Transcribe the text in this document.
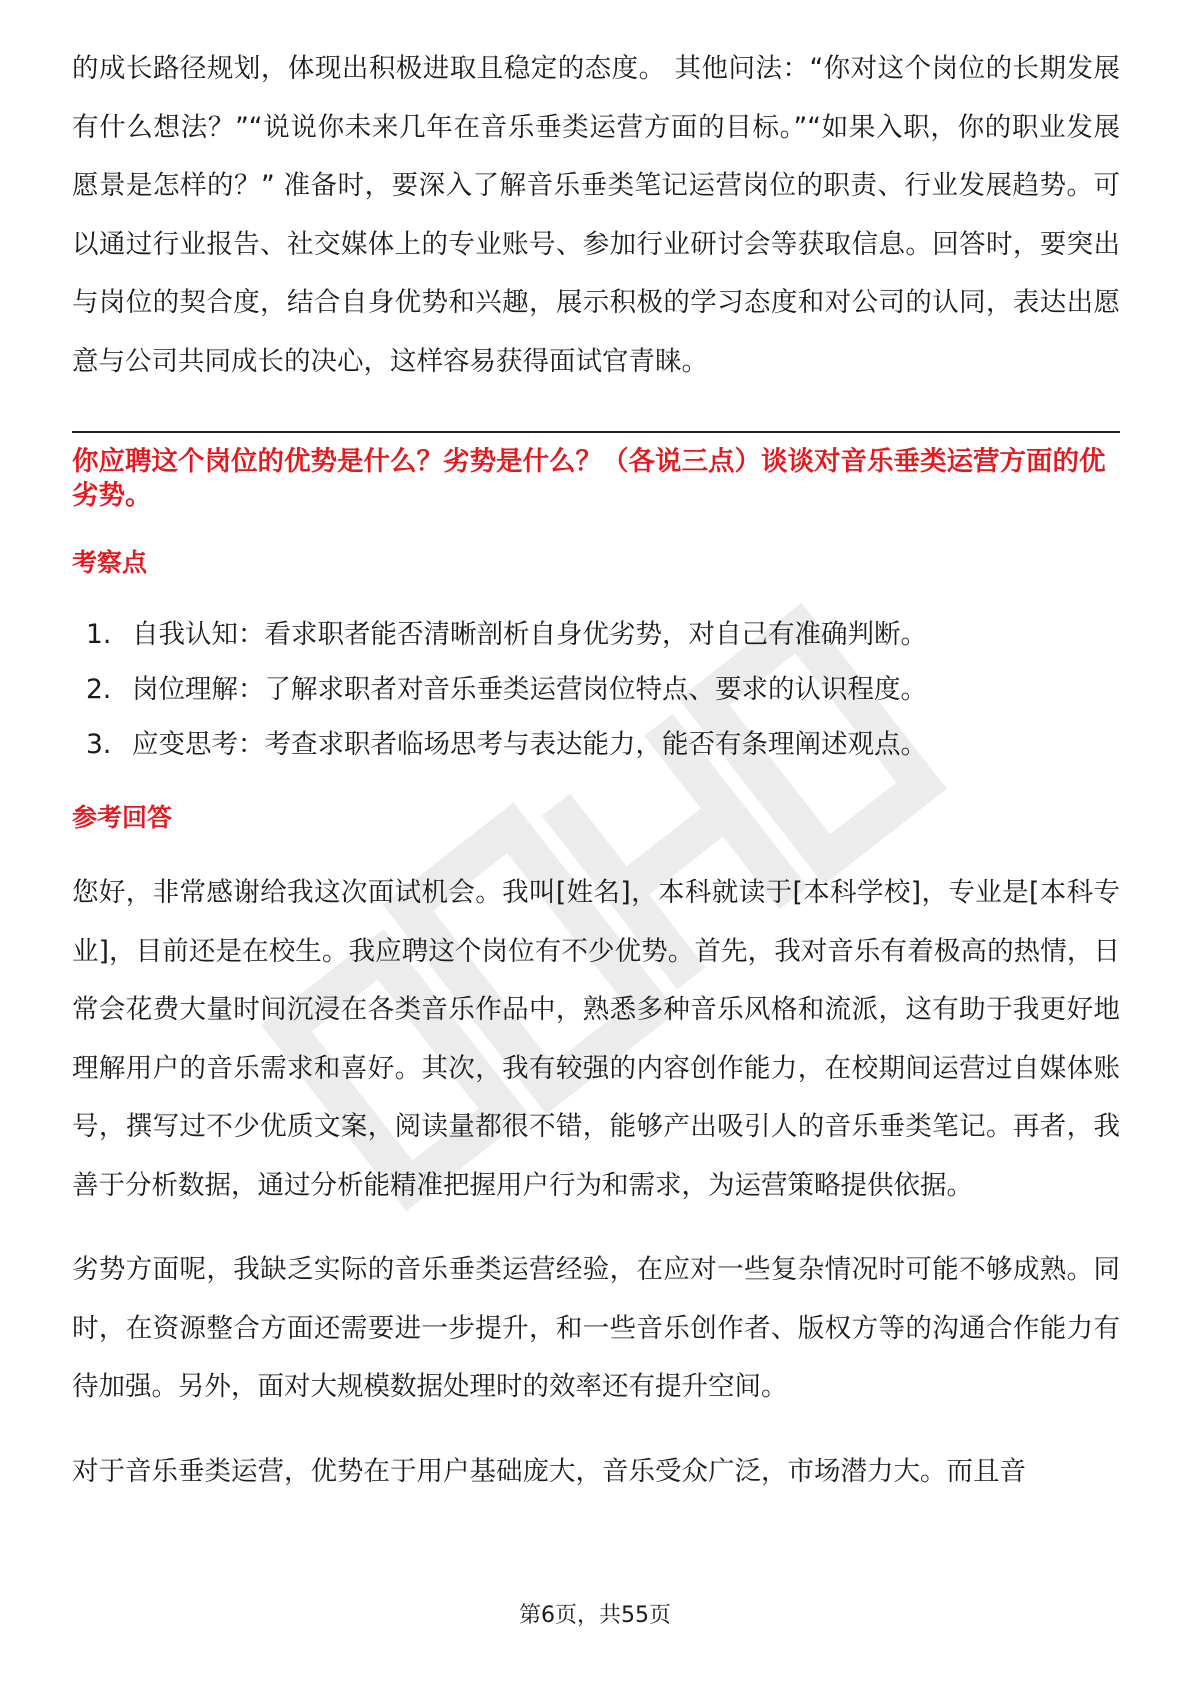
的成长路径规划，体现出积极进取且稳定的态度。 其他问法：“你对这个岗位的长期发展有什么想法？”“说说你未来几年在音乐垂类运营方面的目标。”“如果入职，你的职业发展愿景是怎样的？” 准备时，要深入了解音乐垂类笔记运营岗位的职责、行业发展趋势。可以通过行业报告、社交媒体上的专业账号、参加行业研讨会等获取信息。回答时，要突出与岗位的契合度，结合自身优势和兴趣，展示积极的学习态度和对公司的认同，表达出愿意与公司共同成长的决心，这样容易获得面试官青睐。

你应聘这个岗位的优势是什么？劣势是什么？（各说三点）谈谈对音乐垂类运营方面的优劣势。

考察点

1. 自我认知：看求职者能否清晰剖析自身优劣势，对自己有准确判断。
2. 岗位理解：了解求职者对音乐垂类运营岗位特点、要求的认识程度。
3. 应变思考：考查求职者临场思考与表达能力，能否有条理阐述观点。

参考回答

您好，非常感谢给我这次面试机会。我叫[姓名]，本科就读于[本科学校]，专业是[本科专业]，目前还是在校生。我应聘这个岗位有不少优势。首先，我对音乐有着极高的热情，日常会花费大量时间沉浸在各类音乐作品中，熟悉多种音乐风格和流派，这有助于我更好地理解用户的音乐需求和喜好。其次，我有较强的内容创作能力，在校期间运营过自媒体账号，撰写过不少优质文案，阅读量都很不错，能够产出吸引人的音乐垂类笔记。再者，我善于分析数据，通过分析能精准把握用户行为和需求，为运营策略提供依据。

劣势方面呢，我缺乏实际的音乐垂类运营经验，在应对一些复杂情况时可能不够成熟。同时，在资源整合方面还需要进一步提升，和一些音乐创作者、版权方等的沟通合作能力有待加强。另外，面对大规模数据处理时的效率还有提升空间。

对于音乐垂类运营，优势在于用户基础庞大，音乐受众广泛，市场潜力大。而且音

第6页，共55页
